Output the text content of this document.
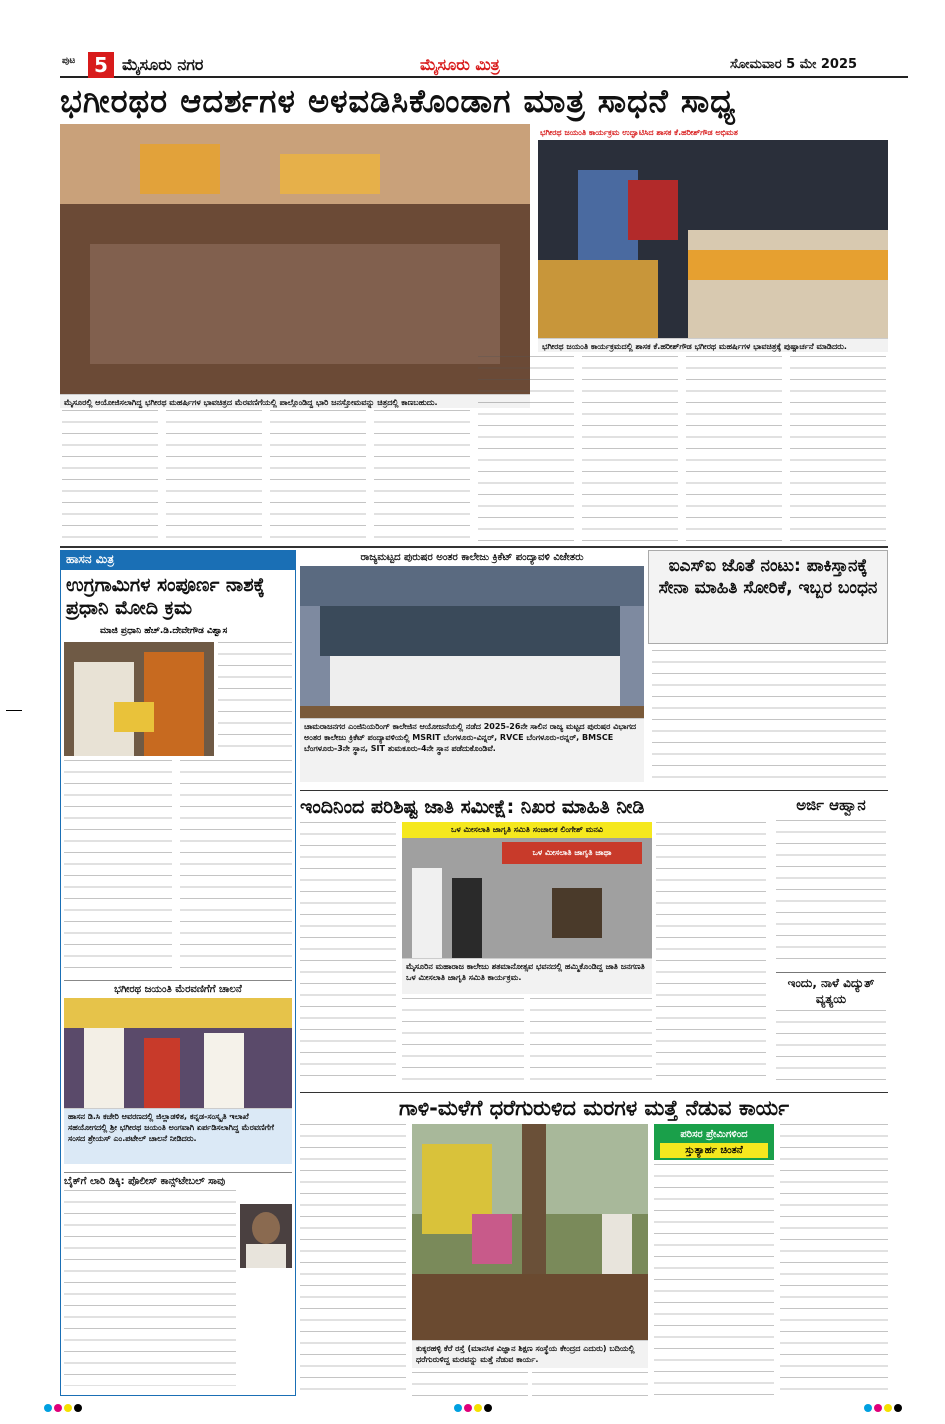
ಪುಟ 5 ಮೈಸೂರು ನಗರ	ಮೈಸೂರು ಮಿತ್ರ	ಸೋಮವಾರ 5 ಮೇ 2025
ಭಗೀರಥರ ಆದರ್ಶಗಳ ಅಳವಡಿಸಿಕೊಂಡಾಗ ಮಾತ್ರ ಸಾಧನೆ ಸಾಧ್ಯ
ಮೈಸೂರಲ್ಲಿ ಆಯೋಜಿಸಲಾಗಿದ್ದ ಭಗೀರಥ ಮಹರ್ಷಿಗಳ ಭಾವಚಿತ್ರದ ಮೆರವಣಿಗೆಯಲ್ಲಿ ಪಾಲ್ಗೊಂಡಿದ್ದ ಭಾರಿ ಜನಸ್ತೋಮವನ್ನು ಚಿತ್ರದಲ್ಲಿ ಕಾಣಬಹುದು.
ಭಗೀರಥ ಜಯಂತಿ ಕಾರ್ಯಕ್ರಮ ಉದ್ಘಾಟಿಸಿದ ಶಾಸಕ ಕೆ.ಹರೀಶ್‌ಗೌಡ ಅಭಿಮತ
ಭಗೀರಥ ಜಯಂತಿ ಕಾರ್ಯಕ್ರಮದಲ್ಲಿ ಶಾಸಕ ಕೆ.ಹರೀಶ್‌ಗೌಡ ಭಗೀರಥ ಮಹರ್ಷಿಗಳ ಭಾವಚಿತ್ರಕ್ಕೆ ಪುಷ್ಪಾರ್ಚನೆ ಮಾಡಿದರು.
ಹಾಸನ ಮಿತ್ರ
ಉಗ್ರಗಾಮಿಗಳ ಸಂಪೂರ್ಣ ನಾಶಕ್ಕೆ ಪ್ರಧಾನಿ ಮೋದಿ ಕ್ರಮ
ಮಾಜಿ ಪ್ರಧಾನಿ ಹೆಚ್.ಡಿ.ದೇವೇಗೌಡ ವಿಶ್ವಾಸ
ಭಗೀರಥ ಜಯಂತಿ ಮೆರವಣಿಗೆಗೆ ಚಾಲನೆ
ಹಾಸನ ಡಿ.ಸಿ ಕಚೇರಿ ಆವರಣದಲ್ಲಿ ಜಿಲ್ಲಾಡಳಿತ, ಕನ್ನಡ-ಸಂಸ್ಕೃತಿ ಇಲಾಖೆ ಸಹಯೋಗದಲ್ಲಿ ಶ್ರೀ ಭಗೀರಥ ಜಯಂತಿ ಅಂಗವಾಗಿ ಏರ್ಪಡಿಸಲಾಗಿದ್ದ ಮೆರವಣಿಗೆಗೆ ಸಂಸದ ಶ್ರೇಯಸ್ ಎಂ.ಪಟೇಲ್ ಚಾಲನೆ ನೀಡಿದರು.
ಬೈಕ್‌ಗೆ ಲಾರಿ ಡಿಕ್ಕಿ: ಪೊಲೀಸ್ ಕಾನ್ಸ್‌ಟೇಬಲ್ ಸಾವು
ರಾಜ್ಯಮಟ್ಟದ ಪುರುಷರ ಅಂತರ ಕಾಲೇಜು ಕ್ರಿಕೆಟ್ ಪಂದ್ಯಾವಳಿ ವಿಜೇತರು
ಚಾಮರಾಜನಗರ ಎಂಜಿನಿಯರಿಂಗ್ ಕಾಲೇಜಿನ ಆಯೋಜನೆಯಲ್ಲಿ ನಡೆದ 2025-26ನೇ ಸಾಲಿನ ರಾಜ್ಯ ಮಟ್ಟದ ಪುರುಷರ ವಿಭಾಗದ ಅಂತರ ಕಾಲೇಜು ಕ್ರಿಕೆಟ್ ಪಂದ್ಯಾವಳಿಯಲ್ಲಿ MSRIT ಬೆಂಗಳೂರು-ವಿನ್ನರ್, RVCE ಬೆಂಗಳೂರು-ರನ್ನರ್, BMSCE ಬೆಂಗಳೂರು-3ನೇ ಸ್ಥಾನ, SIT ತುಮಕೂರು-4ನೇ ಸ್ಥಾನ ಪಡೆದುಕೊಂಡಿವೆ.
ಐಎಸ್‌ಐ ಜೊತೆ ನಂಟು: ಪಾಕಿಸ್ತಾನಕ್ಕೆ ಸೇನಾ ಮಾಹಿತಿ ಸೋರಿಕೆ, ಇಬ್ಬರ ಬಂಧನ
ಇಂದಿನಿಂದ ಪರಿಶಿಷ್ಟ ಜಾತಿ ಸಮೀಕ್ಷೆ: ನಿಖರ ಮಾಹಿತಿ ನೀಡಿ
ಒಳ ಮೀಸಲಾತಿ ಜಾಗೃತಿ ಸಮಿತಿ ಸಂಚಾಲಕ ಲಿಂಗೇಶ್ ಮನವಿ
ಒಳ ಮೀಸಲಾತಿ ಜಾಗೃತಿ ಜಾಥಾ
ಮೈಸೂರಿನ ಮಹಾರಾಜ ಕಾಲೇಜು ಶತಮಾನೋತ್ಸವ ಭವನದಲ್ಲಿ ಹಮ್ಮಿಕೊಂಡಿದ್ದ ಜಾತಿ ಜನಗಣತಿ ಒಳ ಮೀಸಲಾತಿ ಜಾಗೃತಿ ಸಮಿತಿ ಕಾರ್ಯಕ್ರಮ.
ಅರ್ಜಿ ಆಹ್ವಾನ
ಇಂದು, ನಾಳೆ ವಿದ್ಯುತ್ ವ್ಯತ್ಯಯ
ಗಾಳಿ-ಮಳೆಗೆ ಧರೆಗುರುಳಿದ ಮರಗಳ ಮತ್ತೆ ನೆಡುವ ಕಾರ್ಯ
ಕುಕ್ಕರಹಳ್ಳಿ ಕೆರೆ ರಸ್ತೆ (ಮಾನಸಿಕ ವಿಜ್ಞಾನ ಶಿಕ್ಷಣ ಸಂಸ್ಥೆಯ ಕೇಂದ್ರದ ಎದುರು) ಬದಿಯಲ್ಲಿ ಧರೆಗುರುಳಿದ್ದ ಮರವನ್ನು ಮತ್ತೆ ನೆಡುವ ಕಾರ್ಯ.
ಪರಿಸರ ಪ್ರೇಮಿಗಳಿಂದ
ಸ್ತುತ್ಯಾರ್ಹ ಚಿಂತನೆ
